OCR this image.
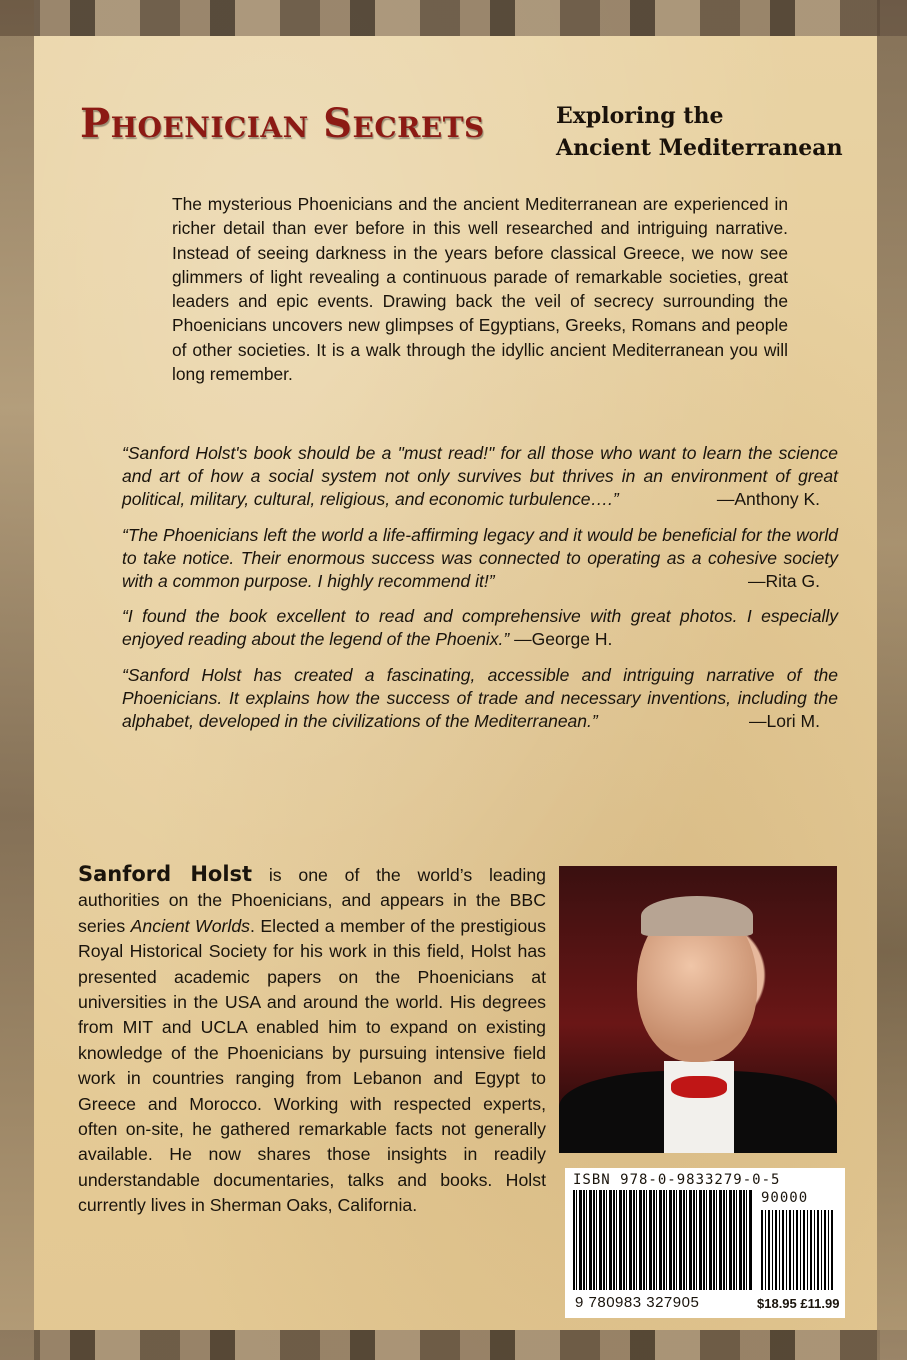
Phoenician Secrets	Exploring the
Ancient Mediterranean

The mysterious Phoenicians and the ancient Mediterranean are experienced in richer detail than ever before in this well researched and intriguing narrative. Instead of seeing darkness in the years before classical Greece, we now see glimmers of light revealing a continuous parade of remarkable societies, great leaders and epic events. Drawing back the veil of secrecy surrounding the Phoenicians uncovers new glimpses of Egyptians, Greeks, Romans and people of other societies. It is a walk through the idyllic ancient Mediterranean you will long remember.

“Sanford Holst's book should be a "must read!" for all those who want to learn the science and art of how a social system not only survives but thrives in an environment of great political, military, cultural, religious, and economic turbulence….”	—Anthony K.

“The Phoenicians left the world a life-affirming legacy and it would be beneficial for the world to take notice. Their enormous success was connected to operating as a cohesive society with a common purpose. I highly recommend it!”	—Rita G.

“I found the book excellent to read and comprehensive with great photos. I especially enjoyed reading about the legend of the Phoenix.” —George H.

“Sanford Holst has created a fascinating, accessible and intriguing narrative of the Phoenicians. It explains how the success of trade and necessary inventions, including the alphabet, developed in the civilizations of the Mediterranean.”	—Lori M.

Sanford Holst is one of the world’s leading authorities on the Phoenicians, and appears in the BBC series Ancient Worlds. Elected a member of the prestigious Royal Historical Society for his work in this field, Holst has presented academic papers on the Phoenicians at universities in the USA and around the world. His degrees from MIT and UCLA enabled him to expand on existing knowledge of the Phoenicians by pursuing intensive field work in countries ranging from Lebanon and Egypt to Greece and Morocco. Working with respected experts, often on-site, he gathered remarkable facts not generally available. He now shares those insights in readily understandable documentaries, talks and books. Holst currently lives in Sherman Oaks, California.

ISBN 978-0-9833279-0-5
90000
9 780983 327905	$18.95 £11.99
